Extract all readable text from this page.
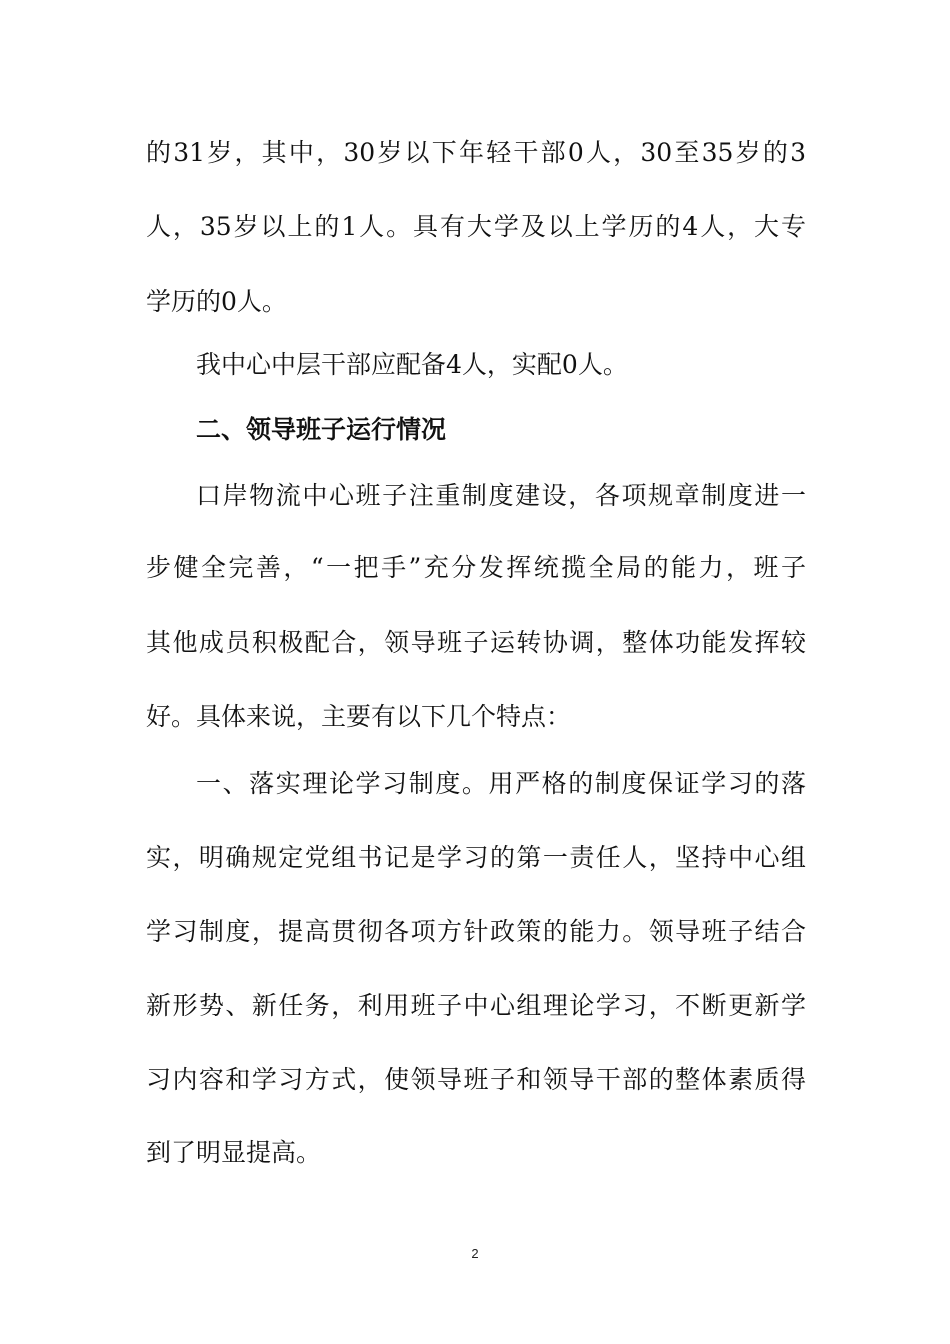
的31岁，其中，30岁以下年轻干部0人，30至35岁的3
人，35岁以上的1人。具有大学及以上学历的4人，大专
学历的0人。
我中心中层干部应配备4人，实配0人。
二、领导班子运行情况
口岸物流中心班子注重制度建设，各项规章制度进一
步健全完善，“一把手”充分发挥统揽全局的能力，班子
其他成员积极配合，领导班子运转协调，整体功能发挥较
好。具体来说，主要有以下几个特点：
一、落实理论学习制度。用严格的制度保证学习的落
实，明确规定党组书记是学习的第一责任人，坚持中心组
学习制度，提高贯彻各项方针政策的能力。领导班子结合
新形势、新任务，利用班子中心组理论学习，不断更新学
习内容和学习方式，使领导班子和领导干部的整体素质得
到了明显提高。
2
